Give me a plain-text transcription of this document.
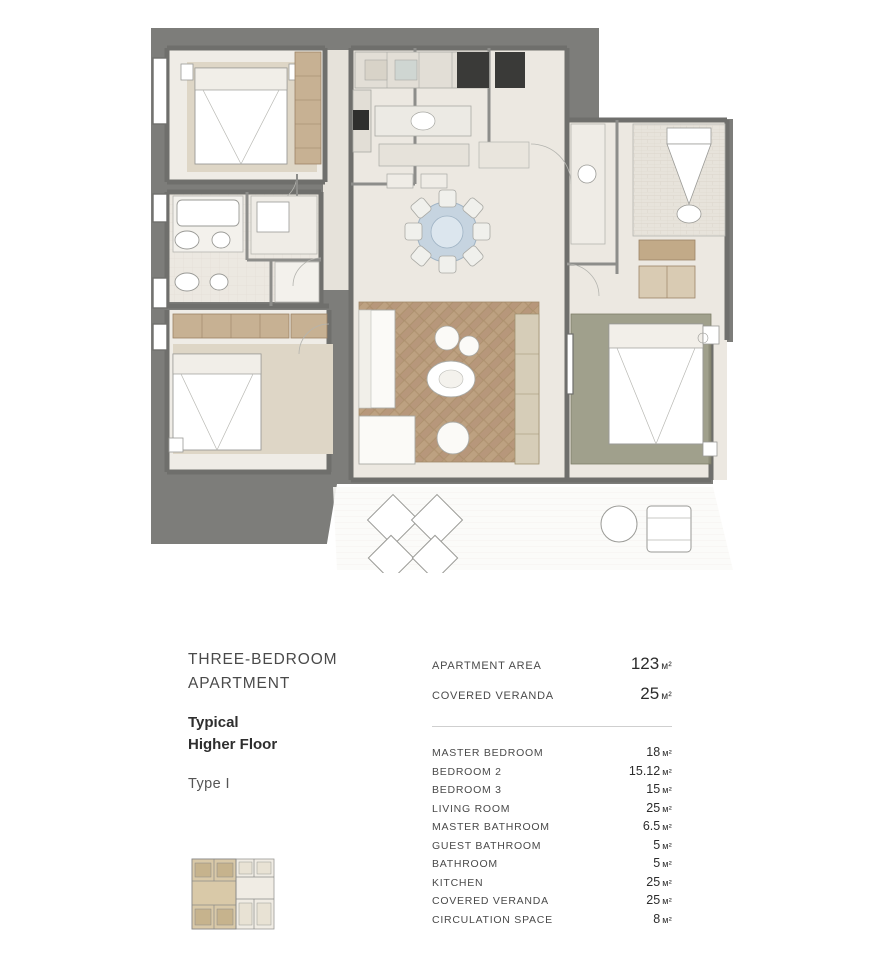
THREE-BEDROOM
APARTMENT
Typical
Higher Floor
Type I
APARTMENT AREA	123 м²
COVERED VERANDA	25 м²
MASTER BEDROOM	18 м²
BEDROOM 2	15.12 м²
BEDROOM 3	15 м²
LIVING ROOM	25 м²
MASTER BATHROOM	6.5 м²
GUEST BATHROOM	5 м²
BATHROOM	5 м²
KITCHEN	25 м²
COVERED VERANDA	25 м²
CIRCULATION SPACE	8 м²
